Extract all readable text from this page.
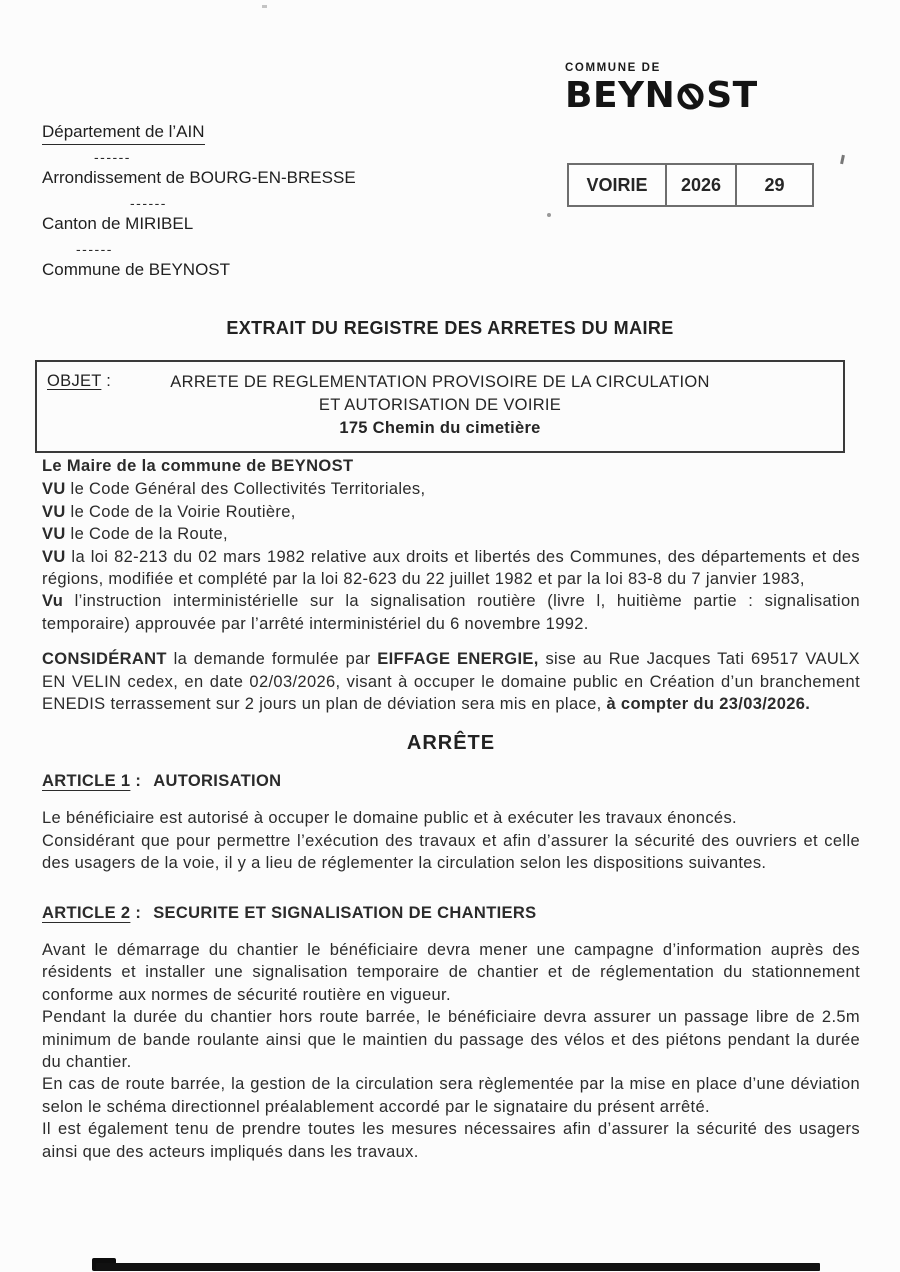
COMMUNE DE
BEYN ST
Département de l’AIN
------
Arrondissement de BOURG-EN-BRESSE
------
Canton de MIRIBEL
------
Commune de BEYNOST
VOIRIE	2026	29
EXTRAIT DU REGISTRE DES ARRETES DU MAIRE
OBJET :	ARRETE DE REGLEMENTATION PROVISOIRE DE LA CIRCULATION
ET AUTORISATION DE VOIRIE
175 Chemin du cimetière
Le Maire de la commune de BEYNOST
VU le Code Général des Collectivités Territoriales,
VU le Code de la Voirie Routière,
VU le Code de la Route,
VU la loi 82-213 du 02 mars 1982 relative aux droits et libertés des Communes, des départements et des régions, modifiée et complété par la loi 82-623 du 22 juillet 1982 et par la loi 83-8 du 7 janvier 1983,
Vu l’instruction interministérielle sur la signalisation routière (livre l, huitième partie : signalisation temporaire) approuvée par l’arrêté interministériel du 6 novembre 1992.

CONSIDÉRANT la demande formulée par EIFFAGE ENERGIE, sise au Rue Jacques Tati 69517 VAULX EN VELIN cedex, en date 02/03/2026, visant à occuper le domaine public en Création d’un branchement ENEDIS terrassement sur 2 jours un plan de déviation sera mis en place, à compter du 23/03/2026.

ARRÊTE
ARTICLE 1 : AUTORISATION

Le bénéficiaire est autorisé à occuper le domaine public et à exécuter les travaux énoncés.

Considérant que pour permettre l’exécution des travaux et afin d’assurer la sécurité des ouvriers et celle des usagers de la voie, il y a lieu de réglementer la circulation selon les dispositions suivantes.

ARTICLE 2 : SECURITE ET SIGNALISATION DE CHANTIERS

Avant le démarrage du chantier le bénéficiaire devra mener une campagne d’information auprès des résidents et installer une signalisation temporaire de chantier et de réglementation du stationnement conforme aux normes de sécurité routière en vigueur.

Pendant la durée du chantier hors route barrée, le bénéficiaire devra assurer un passage libre de 2.5m minimum de bande roulante ainsi que le maintien du passage des vélos et des piétons pendant la durée du chantier.

En cas de route barrée, la gestion de la circulation sera règlementée par la mise en place d’une déviation selon le schéma directionnel préalablement accordé par le signataire du présent arrêté.

Il est également tenu de prendre toutes les mesures nécessaires afin d’assurer la sécurité des usagers ainsi que des acteurs impliqués dans les travaux.
